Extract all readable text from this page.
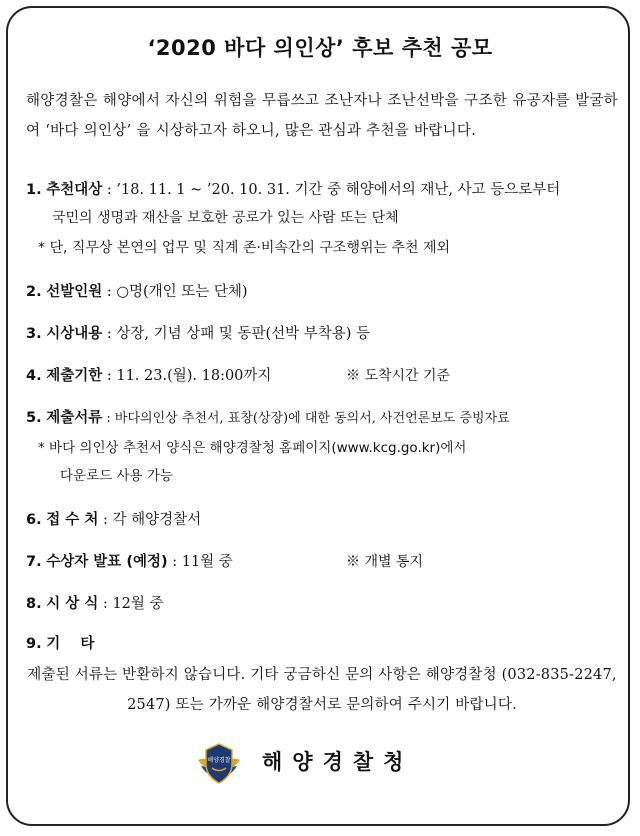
‘2020 바다 의인상’ 후보 추천 공모
해양경찰은 해양에서 자신의 위험을 무릅쓰고 조난자나 조난선박을 구조한 유공자를 발굴하여 ‘바다 의인상’ 을 시상하고자 하오니, 많은 관심과 추천을 바랍니다.
1. 추천대상 : ’18. 11. 1 ~ ’20. 10. 31. 기간 중 해양에서의 재난, 사고 등으로부터
국민의 생명과 재산을 보호한 공로가 있는 사람 또는 단체
* 단, 직무상 본연의 업무 및 직계 존·비속간의 구조행위는 추천 제외
2. 선발인원 : ○명(개인 또는 단체)
3. 시상내용 : 상장, 기념 상패 및 동판(선박 부착용) 등
4. 제출기한 : 11. 23.(월). 18:00까지	※ 도착시간 기준
5. 제출서류 : 바다의인상 추천서, 표창(상장)에 대한 동의서, 사건언론보도 증빙자료
* 바다 의인상 추천서 양식은 해양경찰청 홈페이지(www.kcg.go.kr)에서
다운로드 사용 가능
6. 접 수 처 : 각 해양경찰서
7. 수상자 발표 (예정) : 11월 중	※ 개별 통지
8. 시 상 식 : 12월 중
9. 기    타
제출된 서류는 반환하지 않습니다. 기타 궁금하신 문의 사항은 해양경찰청 (032-835-2247, 2547) 또는 가까운 해양경찰서로 문의하여 주시기 바랍니다.
해양경찰 해양경찰청
